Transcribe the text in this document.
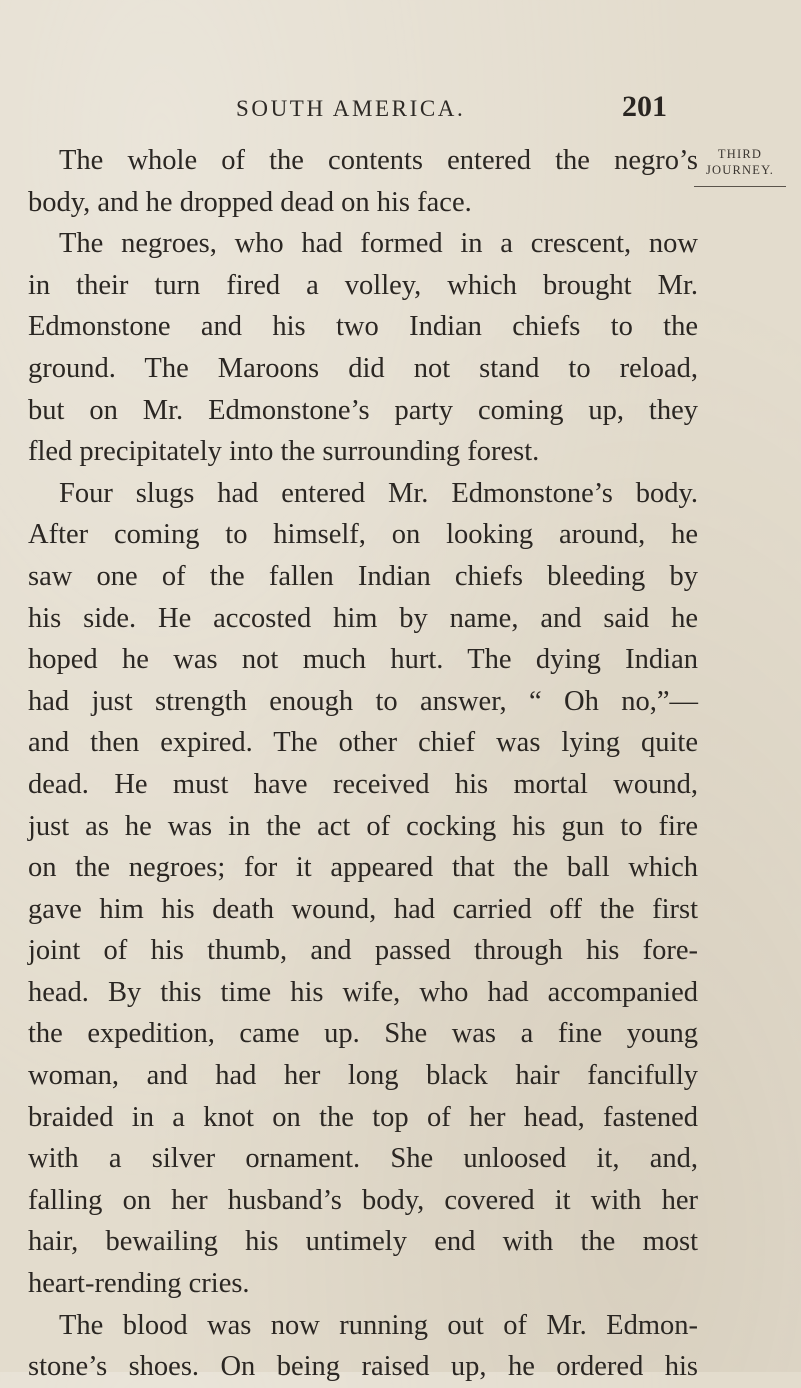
SOUTH AMERICA.	201
THIRD
JOURNEY.
The whole of the contents entered the negro’s
body, and he dropped dead on his face.
The negroes, who had formed in a crescent, now
in their turn fired a volley, which brought Mr.
Edmonstone and his two Indian chiefs to the
ground. The Maroons did not stand to reload,
but on Mr. Edmonstone’s party coming up, they
fled precipitately into the surrounding forest.
Four slugs had entered Mr. Edmonstone’s body.
After coming to himself, on looking around, he
saw one of the fallen Indian chiefs bleeding by
his side. He accosted him by name, and said he
hoped he was not much hurt. The dying Indian
had just strength enough to answer, “ Oh no,”—
and then expired. The other chief was lying quite
dead. He must have received his mortal wound,
just as he was in the act of cocking his gun to fire
on the negroes; for it appeared that the ball which
gave him his death wound, had carried off the first
joint of his thumb, and passed through his fore-
head. By this time his wife, who had accompanied
the expedition, came up. She was a fine young
woman, and had her long black hair fancifully
braided in a knot on the top of her head, fastened
with a silver ornament. She unloosed it, and,
falling on her husband’s body, covered it with her
hair, bewailing his untimely end with the most
heart-rending cries.
The blood was now running out of Mr. Edmon-
stone’s shoes. On being raised up, he ordered his
